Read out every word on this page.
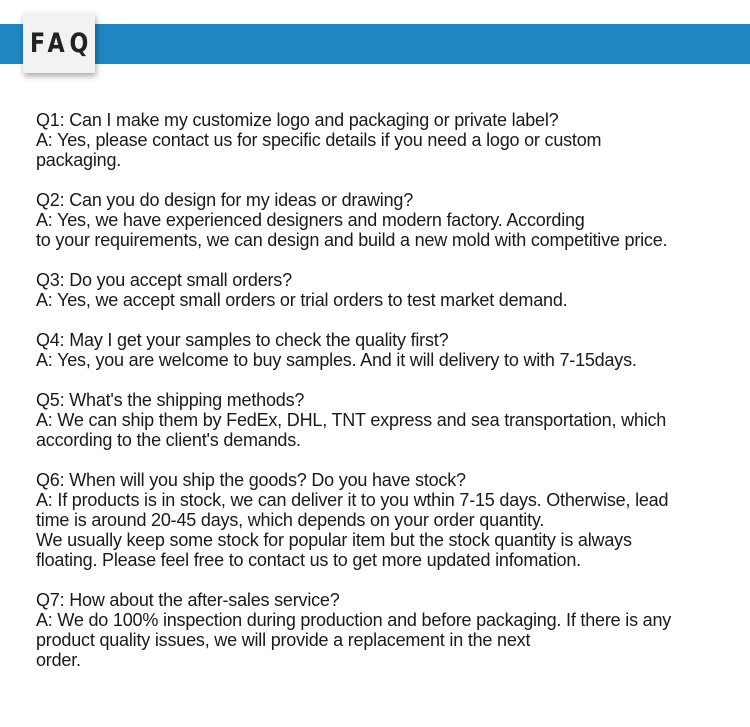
FAQ

Q1: Can I make my customize logo and packaging or private label?

A: Yes, please contact us for specific details if you need a logo or custom

packaging.

Q2: Can you do design for my ideas or drawing?

A: Yes, we have experienced designers and modern factory. According

to your requirements, we can design and build a new mold with competitive price.

Q3: Do you accept small orders?

A: Yes, we accept small orders or trial orders to test market demand.

Q4: May I get your samples to check the quality first?

A: Yes, you are welcome to buy samples. And it will delivery to with 7-15days.

Q5: What's the shipping methods?

A: We can ship them by FedEx, DHL, TNT express and sea transportation, which

according to the client's demands.

Q6: When will you ship the goods? Do you have stock?

A: If products is in stock, we can deliver it to you wthin 7-15 days. Otherwise, lead

time is around 20-45 days, which depends on your order quantity.

We usually keep some stock for popular item but the stock quantity is always

floating. Please feel free to contact us to get more updated infomation.

Q7: How about the after-sales service?

A: We do 100% inspection during production and before packaging. If there is any

product quality issues, we will provide a replacement in the next

order.
